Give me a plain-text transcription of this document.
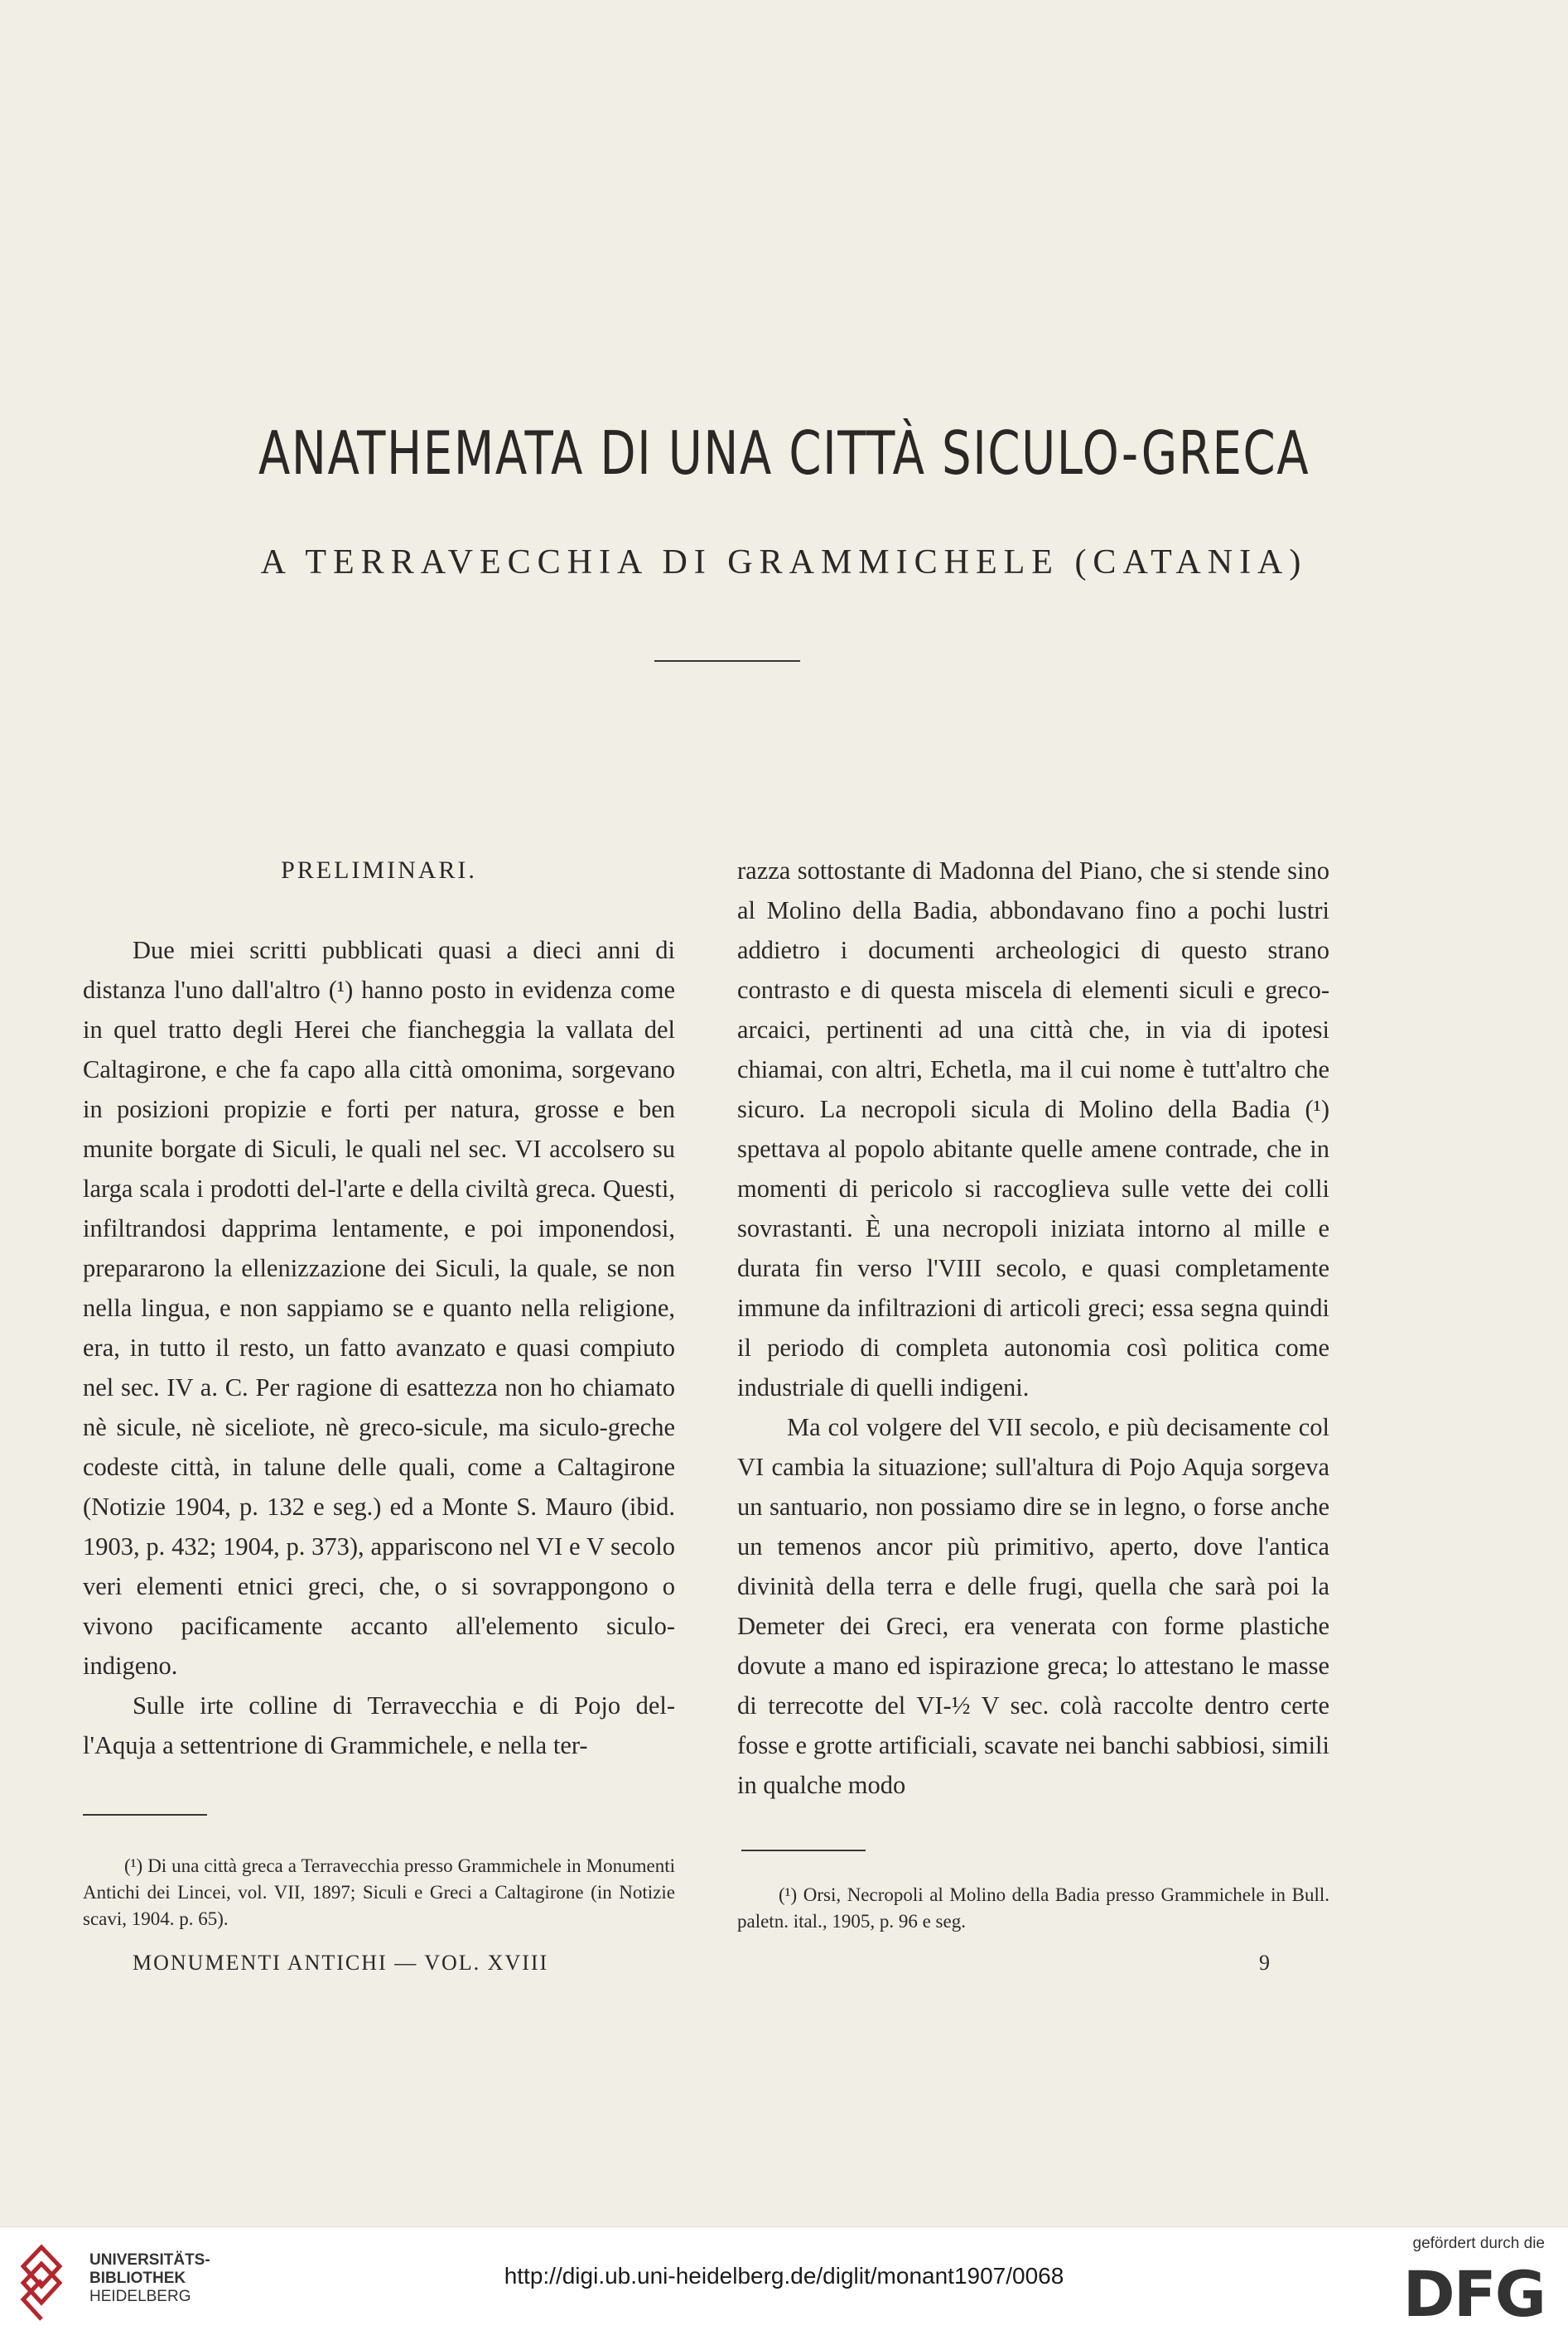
ANATHEMATA DI UNA CITTÀ SICULO-GRECA
A TERRAVECCHIA DI GRAMMICHELE (CATANIA)
PRELIMINARI.

Due miei scritti pubblicati quasi a dieci anni di distanza l'uno dall'altro (¹) hanno posto in evidenza come in quel tratto degli Herei che fiancheggia la vallata del Caltagirone, e che fa capo alla città omonima, sorgevano in posizioni propizie e forti per natura, grosse e ben munite borgate di Siculi, le quali nel sec. VI accolsero su larga scala i prodotti del-l'arte e della civiltà greca. Questi, infiltrandosi dapprima lentamente, e poi imponendosi, prepararono la ellenizzazione dei Siculi, la quale, se non nella lingua, e non sappiamo se e quanto nella religione, era, in tutto il resto, un fatto avanzato e quasi compiuto nel sec. IV a. C. Per ragione di esattezza non ho chiamato nè sicule, nè siceliote, nè greco-sicule, ma siculo-greche codeste città, in talune delle quali, come a Caltagirone (Notizie 1904, p. 132 e seg.) ed a Monte S. Mauro (ibid. 1903, p. 432; 1904, p. 373), appariscono nel VI e V secolo veri elementi etnici greci, che, o si sovrappongono o vivono pacificamente accanto all'elemento siculo-indigeno.

Sulle irte colline di Terravecchia e di Pojo del-l'Aquja a settentrione di Grammichele, e nella ter-

(¹) Di una città greca a Terravecchia presso Grammichele in Monumenti Antichi dei Lincei, vol. VII, 1897; Siculi e Greci a Caltagirone (in Notizie scavi, 1904. p. 65).

razza sottostante di Madonna del Piano, che si stende sino al Molino della Badia, abbondavano fino a pochi lustri addietro i documenti archeologici di questo strano contrasto e di questa miscela di elementi siculi e greco-arcaici, pertinenti ad una città che, in via di ipotesi chiamai, con altri, Echetla, ma il cui nome è tutt'altro che sicuro. La necropoli sicula di Molino della Badia (¹) spettava al popolo abitante quelle amene contrade, che in momenti di pericolo si raccoglieva sulle vette dei colli sovrastanti. È una necropoli iniziata intorno al mille e durata fin verso l'VIII secolo, e quasi completamente immune da infiltrazioni di articoli greci; essa segna quindi il periodo di completa autonomia così politica come industriale di quelli indigeni.

Ma col volgere del VII secolo, e più decisamente col VI cambia la situazione; sull'altura di Pojo Aquja sorgeva un santuario, non possiamo dire se in legno, o forse anche un temenos ancor più primitivo, aperto, dove l'antica divinità della terra e delle frugi, quella che sarà poi la Demeter dei Greci, era venerata con forme plastiche dovute a mano ed ispirazione greca; lo attestano le masse di terrecotte del VI-½ V sec. colà raccolte dentro certe fosse e grotte artificiali, scavate nei banchi sabbiosi, simili in qualche modo

(¹) Orsi, Necropoli al Molino della Badia presso Grammichele in Bull. paletn. ital., 1905, p. 96 e seg.

MONUMENTI ANTICHI — VOL. XVIII	9
UNIVERSITÄTS-
BIBLIOTHEK
HEIDELBERG
http://digi.ub.uni-heidelberg.de/diglit/monant1907/0068
gefördert durch die
DFG
